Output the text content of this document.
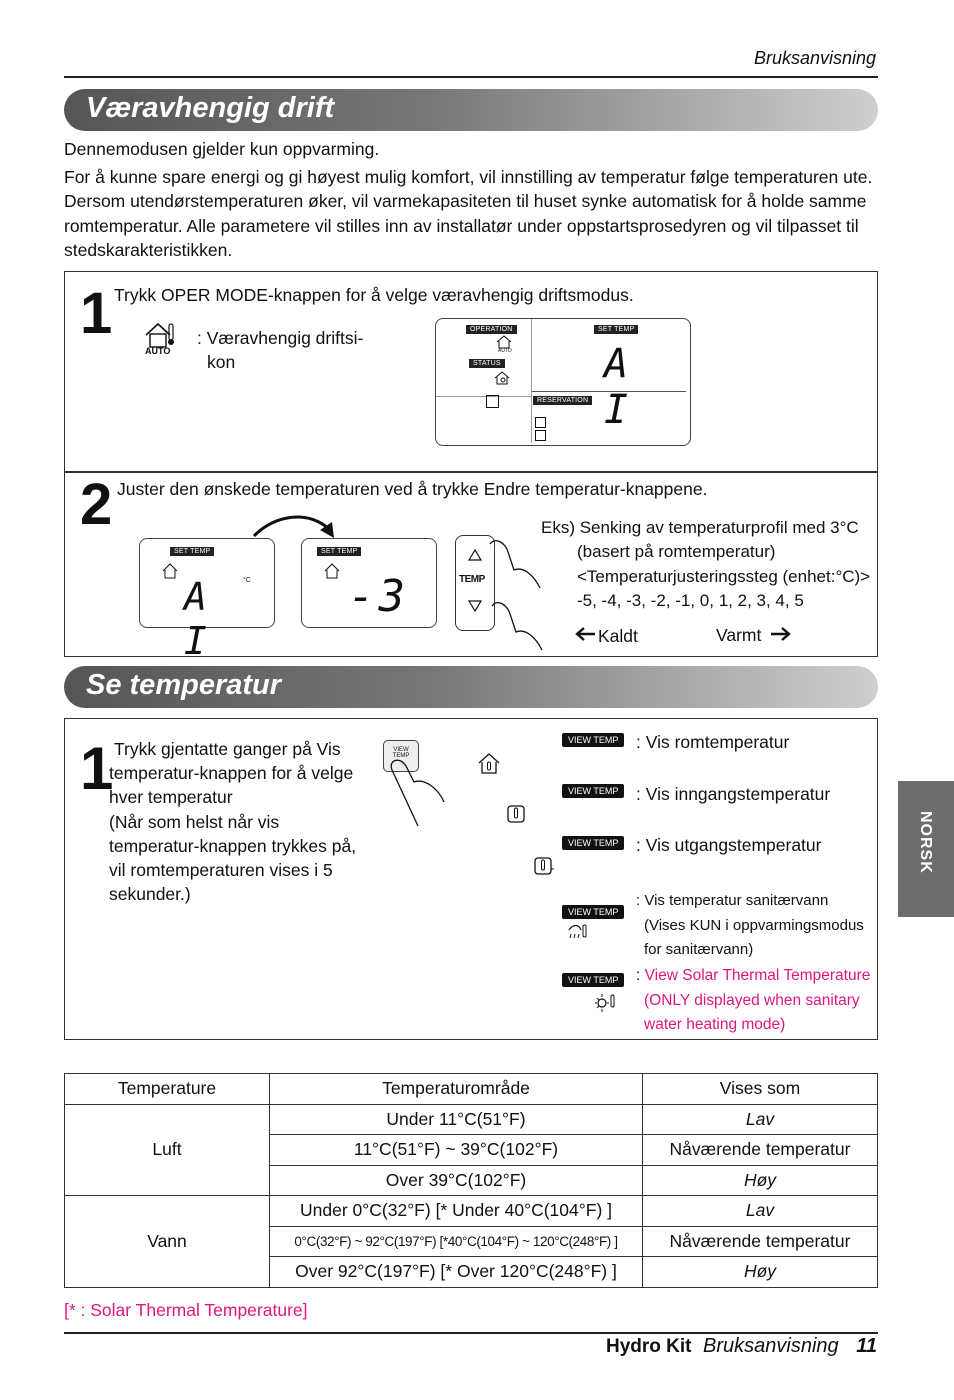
Bruksanvisning
Væravhengig drift

Dennemodusen gjelder kun oppvarming.

For å kunne spare energi og gi høyest mulig komfort, vil innstilling av temperatur følge temperaturen ute. Dersom utendørstemperaturen øker, vil varmekapasiteten til huset synke automatisk for å holde samme romtemperatur. Alle parametere vil stilles inn av installatør under oppstartsprosedyren og vil tilpasset til stedskarakteristikken.

1 Trykk OPER MODE-knappen for å velge væravhengig driftsmodus.
AUTO
: Væravhengig driftsi-
kon
OPERATION
STATUS
SET TEMP
RESERVATION
AUTO A I
2 Juster den ønskede temperaturen ved å trykke Endre temperatur-knappene.
SET TEMP
A I
°C
SET TEMP
-3	TEMP
Eks) Senking av temperaturprofil med 3°C
(basert på romtemperatur)
<Temperaturjusteringssteg (enhet:°C)>
-5, -4, -3, -2, -1, 0, 1, 2, 3, 4, 5
Kaldt	Varmt
Se temperatur
1 Trykk gjentatte ganger på Vis
temperatur-knappen for å velge
hver temperatur
(Når som helst når vis
temperatur-knappen trykkes på,
vil romtemperaturen vises i 5
sekunder.)
VIEW
TEMP
VIEW TEMP	: Vis romtemperatur
VIEW TEMP	: Vis inngangstemperatur
VIEW TEMP	: Vis utgangstemperatur
VIEW TEMP
: Vis temperatur sanitærvann
(Vises KUN i oppvarmingsmodus
for sanitærvann)
VIEW TEMP	: View Solar Thermal Temperature
(ONLY displayed when sanitary
water heating mode)
Temperature	Temperaturområde	Vises som
Luft	Under 11°C(51°F)	Lav
	11°C(51°F) ~ 39°C(102°F)	Nåværende temperatur
	Over 39°C(102°F)	Høy
Vann	Under 0°C(32°F) [* Under 40°C(104°F) ]	Lav
	0°C(32°F) ~ 92°C(197°F) [*40°C(104°F) ~ 120°C(248°F) ]	Nåværende temperatur
	Over 92°C(197°F) [* Over 120°C(248°F) ]	Høy
[* : Solar Thermal Temperature]
NORSK
Hydro Kit Bruksanvisning 11
